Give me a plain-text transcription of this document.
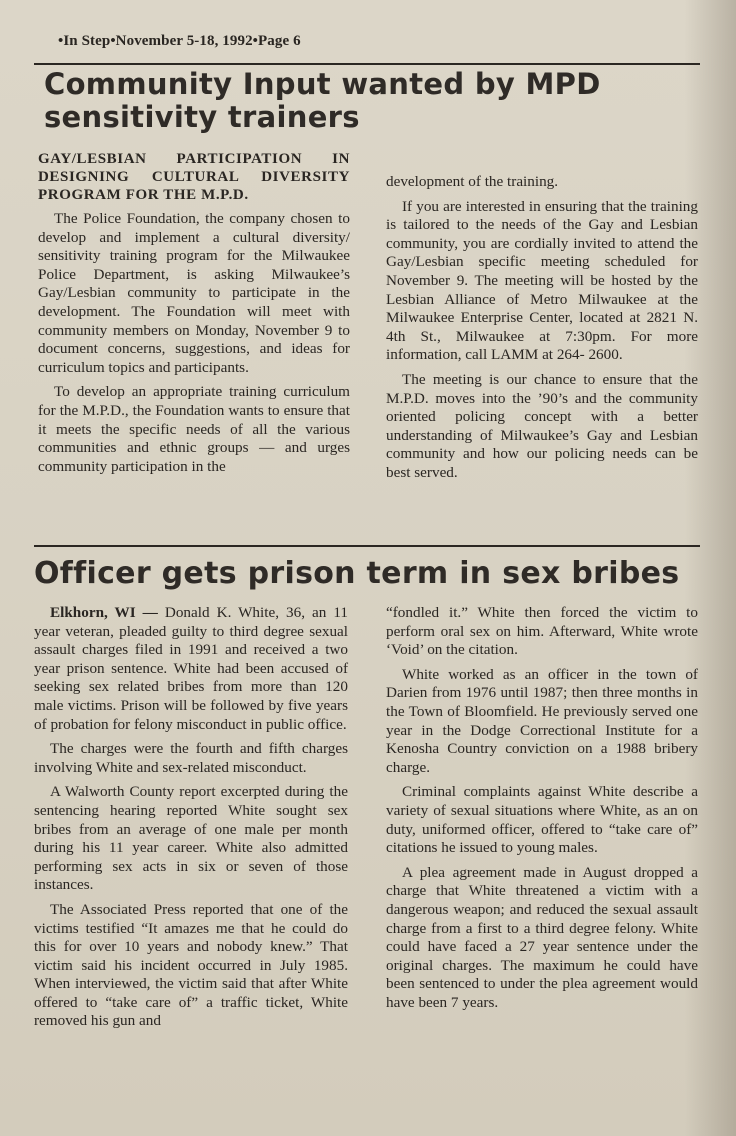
•In Step•November 5-18, 1992•Page 6
Community Input wanted by MPD sensitivity trainers
GAY/LESBIAN PARTICIPATION IN DESIGNING CULTURAL DIVERSITY PROGRAM FOR THE M.P.D.

The Police Foundation, the company chosen to develop and implement a cultural diversity/ sensitivity training program for the Milwaukee Police Department, is asking Milwaukee’s Gay/Lesbian community to participate in the development. The Foundation will meet with community members on Monday, November 9 to document concerns, suggestions, and ideas for curriculum topics and participants.

To develop an appropriate training curriculum for the M.P.D., the Foundation wants to ensure that it meets the specific needs of all the various communities and ethnic groups — and urges community participation in the

development of the training.

If you are interested in ensuring that the training is tailored to the needs of the Gay and Lesbian community, you are cordially invited to attend the Gay/Lesbian specific meeting scheduled for November 9. The meeting will be hosted by the Lesbian Alliance of Metro Milwaukee at the Milwaukee Enterprise Center, located at 2821 N. 4th St., Milwaukee at 7:30pm. For more information, call LAMM at 264- 2600.

The meeting is our chance to ensure that the M.P.D. moves into the ’90’s and the community oriented policing concept with a better understanding of Milwaukee’s Gay and Lesbian community and how our policing needs can be best served.

Officer gets prison term in sex bribes

Elkhorn, WI — Donald K. White, 36, an 11 year veteran, pleaded guilty to third degree sexual assault charges filed in 1991 and received a two year prison sentence. White had been accused of seeking sex related bribes from more than 120 male victims. Prison will be followed by five years of probation for felony misconduct in public office.

The charges were the fourth and fifth charges involving White and sex-related misconduct.

A Walworth County report excerpted during the sentencing hearing reported White sought sex bribes from an average of one male per month during his 11 year career. White also admitted performing sex acts in six or seven of those instances.

The Associated Press reported that one of the victims testified “It amazes me that he could do this for over 10 years and nobody knew.” That victim said his incident occurred in July 1985. When interviewed, the victim said that after White offered to “take care of” a traffic ticket, White removed his gun and

“fondled it.” White then forced the victim to perform oral sex on him. Afterward, White wrote ‘Void’ on the citation.

White worked as an officer in the town of Darien from 1976 until 1987; then three months in the Town of Bloomfield. He previously served one year in the Dodge Correctional Institute for a Kenosha Country conviction on a 1988 bribery charge.

Criminal complaints against White describe a variety of sexual situations where White, as an on duty, uniformed officer, offered to “take care of” citations he issued to young males.

A plea agreement made in August dropped a charge that White threatened a victim with a dangerous weapon; and reduced the sexual assault charge from a first to a third degree felony. White could have faced a 27 year sentence under the original charges. The maximum he could have been sentenced to under the plea agreement would have been 7 years.
